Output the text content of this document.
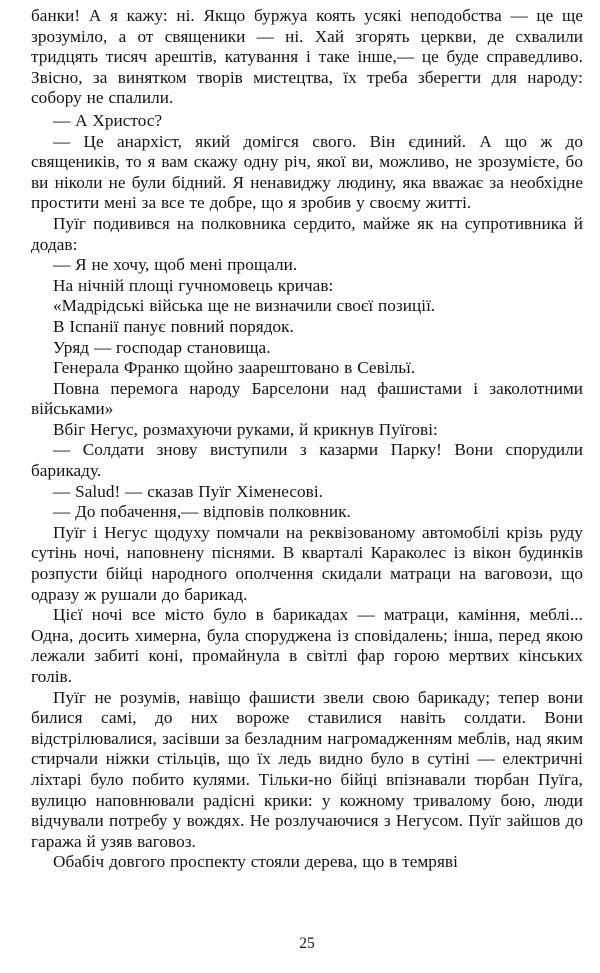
банки! А я кажу: ні. Якщо буржуа коять усякі неподобства — це ще зрозуміло, а от священики — ні. Хай згорять церкви, де схвалили тридцять тисяч арештів, катування і таке інше,— це буде справедливо. Звісно, за винятком творів мистецтва, їх треба зберегти для народу: собору не спалили.

— А Христос?

— Це анархіст, який домігся свого. Він єдиний. А що ж до священиків, то я вам скажу одну річ, якої ви, можливо, не зрозумієте, бо ви ніколи не були бідний. Я ненавиджу людину, яка вважає за необхідне простити мені за все те добре, що я зробив у своєму житті.

Пуїг подивився на полковника сердито, майже як на супротивника й додав:

— Я не хочу, щоб мені прощали.

На нічній площі гучномовець кричав:

«Мадрідські війська ще не визначили своєї позиції.

В Іспанії панує повний порядок.

Уряд — господар становища.

Генерала Франко щойно заарештовано в Севільї.

Повна перемога народу Барселони над фашистами і заколотними військами»

Вбіг Негус, розмахуючи руками, й крикнув Пуїгові:

— Солдати знову виступили з казарми Парку! Вони спорудили барикаду.

— Salud! — сказав Пуїг Хіменесові.

— До побачення,— відповів полковник.

Пуїг і Негус щодуху помчали на реквізованому автомобілі крізь руду сутінь ночі, наповнену піснями. В кварталі Караколес із вікон будинків розпусти бійці народного ополчення скидали матраци на ваговози, що одразу ж рушали до барикад.

Цієї ночі все місто було в барикадах — матраци, каміння, меблі... Одна, досить химерна, була споруджена із сповідалень; інша, перед якою лежали забиті коні, промайнула в світлі фар горою мертвих кінських голів.

Пуїг не розумів, навіщо фашисти звели свою барикаду; тепер вони билися самі, до них вороже ставилися навіть солдати. Вони відстрілювалися, засівши за безладним нагромадженням меблів, над яким стирчали ніжки стільців, що їх ледь видно було в сутіні — електричні ліхтарі було побито кулями. Тільки-но бійці впізнавали тюрбан Пуїга, вулицю наповнювали радісні крики: у кожному тривалому бою, люди відчували потребу у вождях. Не розлучаючися з Негусом. Пуїг зайшов до гаража й узяв ваговоз.

Обабіч довгого проспекту стояли дерева, що в темряві

25
